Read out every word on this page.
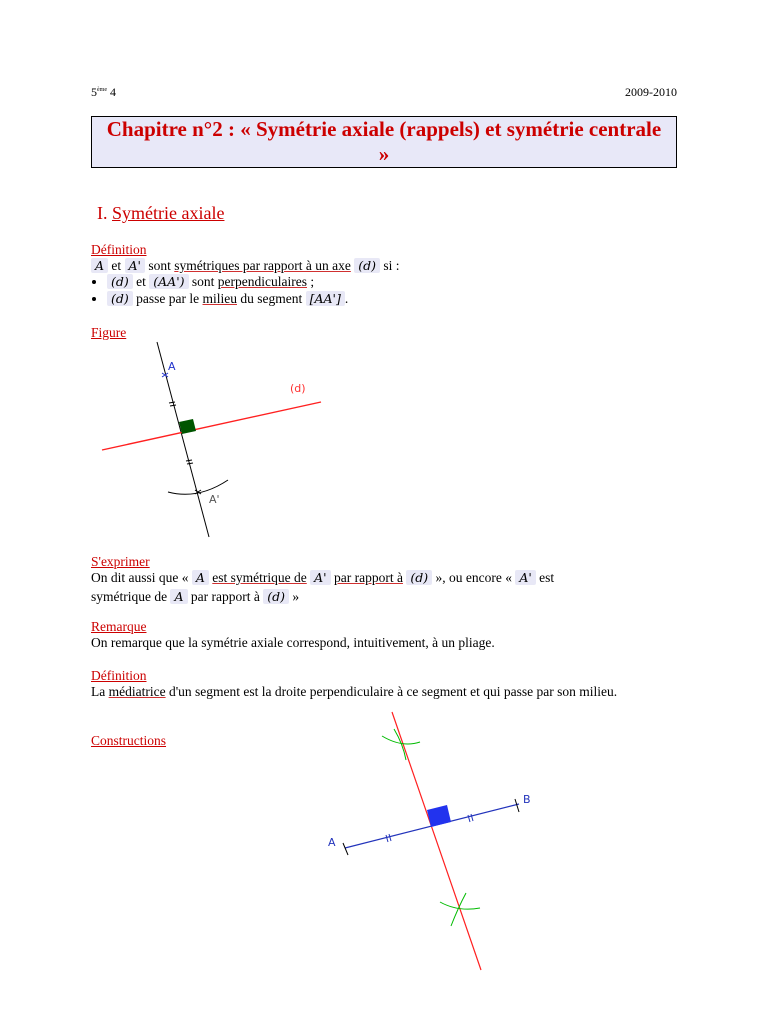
5ème 4	2009-2010
Chapitre n°2 : « Symétrie axiale (rappels) et symétrie centrale »
I. Symétrie axiale
Définition
A et A' sont symétriques par rapport à un axe (d) si :
• (d) et (AA') sont perpendiculaires ;
• (d) passe par le milieu du segment [AA'] .
Figure
A
A'
(d)
A
B
S'exprimer
On dit aussi que « A est symétrique de A' par rapport à (d) », ou encore « A' est
symétrique de A par rapport à (d) »
Remarque
On remarque que la symétrie axiale correspond, intuitivement, à un pliage.
Définition
La médiatrice d'un segment est la droite perpendiculaire à ce segment et qui passe par son milieu.
Constructions
